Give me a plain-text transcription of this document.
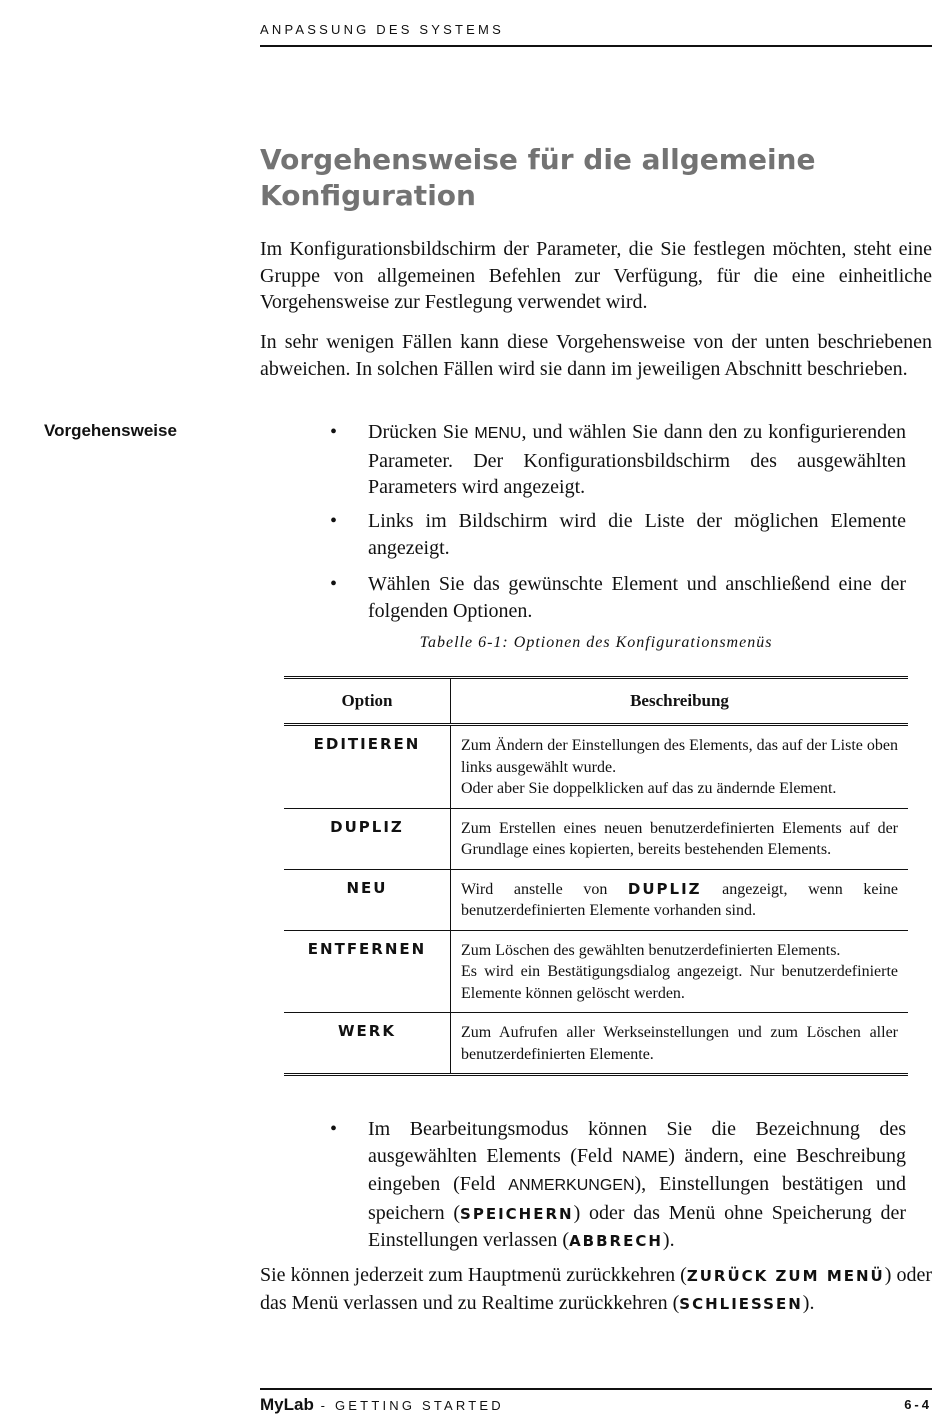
ANPASSUNG DES SYSTEMS
Vorgehensweise für die allgemeine Konfiguration

Im Konfigurationsbildschirm der Parameter, die Sie festlegen möchten, steht eine Gruppe von allgemeinen Befehlen zur Verfügung, für die eine einheitliche Vorgehensweise zur Festlegung verwendet wird.

In sehr wenigen Fällen kann diese Vorgehensweise von der unten beschriebenen abweichen. In solchen Fällen wird sie dann im jeweiligen Abschnitt beschrieben.

Vorgehensweise	•	Drücken Sie MENU, und wählen Sie dann den zu konfigurierenden Parameter. Der Konfigurationsbildschirm des ausgewählten Parameters wird angezeigt.
•	Links im Bildschirm wird die Liste der möglichen Elemente angezeigt.
•	Wählen Sie das gewünschte Element und anschließend eine der folgenden Optionen.
Tabelle 6-1: Optionen des Konfigurationsmenüs
Option	Beschreibung
EDITIEREN	Zum Ändern der Einstellungen des Elements, das auf der Liste oben links ausgewählt wurde.
Oder aber Sie doppelklicken auf das zu ändernde Element.

DUPLIZ	Zum Erstellen eines neuen benutzerdefinierten Elements auf der Grundlage eines kopierten, bereits bestehenden Elements.

NEU	Wird anstelle von DUPLIZ angezeigt, wenn keine benutzerdefinierten Elemente vorhanden sind.
ENTFERNEN	Zum Löschen des gewählten benutzerdefinierten Elements.
Es wird ein Bestätigungsdialog angezeigt. Nur benutzerdefinierte Elemente können gelöscht werden.

WERK	Zum Aufrufen aller Werkseinstellungen und zum Löschen aller benutzerdefinierten Elemente.
•	Im Bearbeitungsmodus können Sie die Bezeichnung des ausgewählten Elements (Feld NAME) ändern, eine Beschreibung eingeben (Feld ANMERKUNGEN), Einstellungen bestätigen und speichern (SPEICHERN) oder das Menü ohne Speicherung der Einstellungen verlassen (ABBRECH).
Sie können jederzeit zum Hauptmenü zurückkehren (ZURÜCK ZUM MENÜ) oder das Menü verlassen und zu Realtime zurückkehren (SCHLIESSEN).
MyLab - GETTING STARTED	6-4
